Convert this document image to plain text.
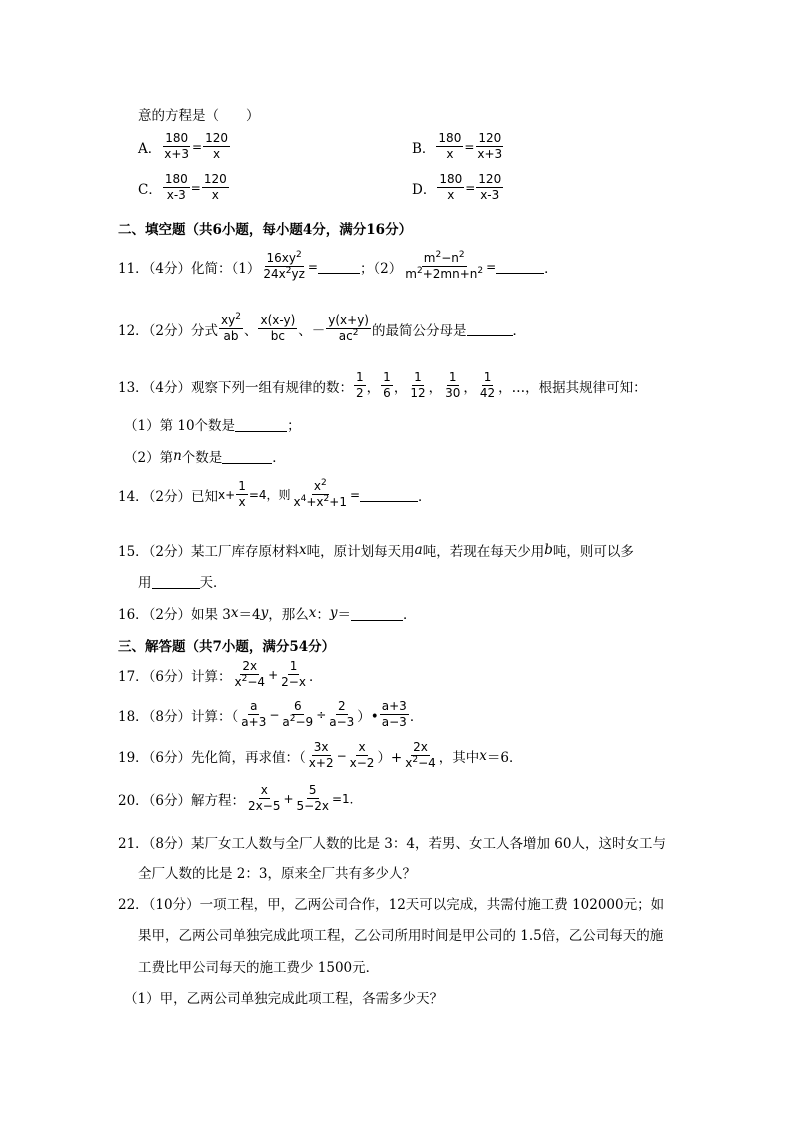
意的方程是（　　）
A． $\frac{180}{x+3} = \frac{120}{x}$	B． $\frac{180}{x} = \frac{120}{x+3}$
C． $\frac{180}{x-3} = \frac{120}{x}$	D． $\frac{180}{x} = \frac{120}{x-3}$
二、填空题（共6小题，每小题4分，满分16分）
11．（4分）化简：$(1) \frac{16xy^2}{24x^2yz}$ =	；$(2) \frac{m^2-n^2}{m^2+2mn+n^2}$ =	．
12．（2分）分式 $\frac{xy^2}{ab}$ 、 $\frac{x(x-y)}{bc}$ 、－ $\frac{y(x+y)}{ac^2}$ 的最简公分母是	．
13．（4分）观察下列一组有规律的数： $\frac{1}{2}$ ， $\frac{1}{6}$ ， $\frac{1}{12}$ ， $\frac{1}{30}$ ， $\frac{1}{42}$ ，…，根据其规律可知：
（1）第 10个数是	；
（2）第 n 个数是	．
14．（2分）已知 $x+ \frac{1}{x} =4$，则 $\frac{x^2}{x^4+x^2+1}$ =	．
15．（2分）某工厂库存原材料 x 吨，原计划每天用 a 吨，若现在每天少用 b 吨，则可以多
用	天．
16．（2分）如果 3 x ＝4 y ，那么 x ： y ＝	．
三、解答题（共7小题，满分54分）
17．（6分）计算： $\frac{2x}{x^2-4} + \frac{1}{2-x}$ ．
18．（8分）计算：（ $\frac{a}{a+3} - \frac{6}{a^2-9} \div \frac{2}{a-3}$ ）• $\frac{a+3}{a-3}$ ．
19．（6分）先化简，再求值：（ $\frac{3x}{x+2} - \frac{x}{x-2}$ ）+ $\frac{2x}{x^2-4}$ ，其中 x ＝6．
20．（6分）解方程： $\frac{x}{2x-5} + \frac{5}{5-2x} =1$．
21．（8分）某厂女工人数与全厂人数的比是 3：4，若男、女工人各增加 60人，这时女工与
全厂人数的比是 2：3，原来全厂共有多少人？
22．（10分）一项工程，甲，乙两公司合作，12天可以完成，共需付施工费 102000元；如
果甲，乙两公司单独完成此项工程，乙公司所用时间是甲公司的 1.5倍，乙公司每天的施
工费比甲公司每天的施工费少 1500元．
（1）甲，乙两公司单独完成此项工程，各需多少天？
